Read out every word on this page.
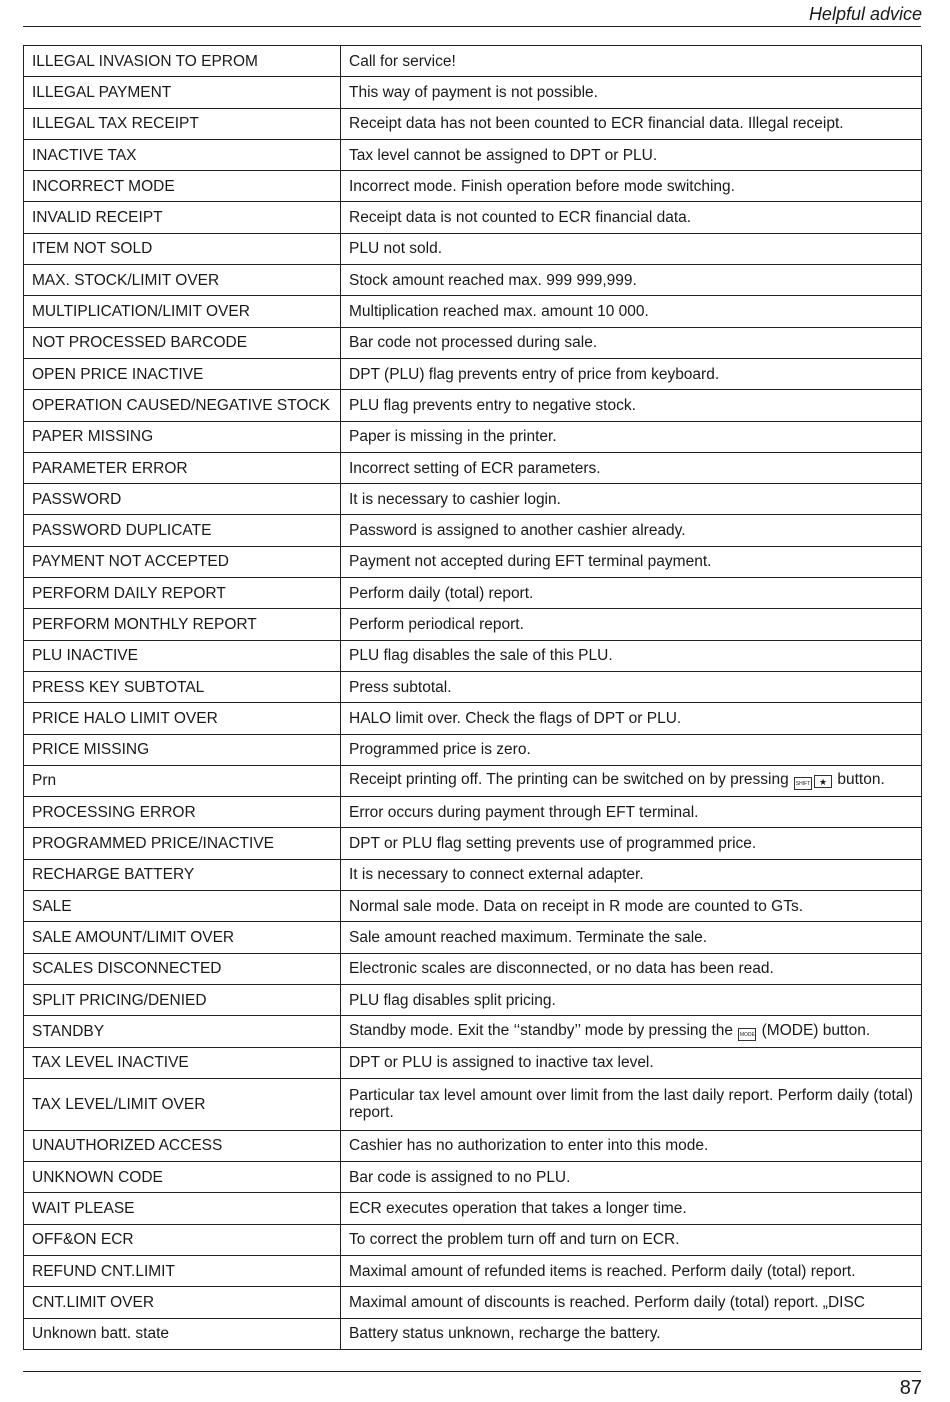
Helpful advice
ILLEGAL INVASION TO EPROM	Call for service!
ILLEGAL PAYMENT	This way of payment is not possible.
ILLEGAL TAX RECEIPT	Receipt data has not been counted to ECR financial data. Illegal receipt.
INACTIVE TAX	Tax level cannot be assigned to DPT or PLU.
INCORRECT MODE	Incorrect mode. Finish operation before mode switching.
INVALID RECEIPT	Receipt data is not counted to ECR financial data.
ITEM NOT SOLD	PLU not sold.
MAX. STOCK/LIMIT OVER	Stock amount reached max. 999 999,999.
MULTIPLICATION/LIMIT OVER	Multiplication reached max. amount 10 000.
NOT PROCESSED BARCODE	Bar code not processed during sale.
OPEN PRICE INACTIVE	DPT (PLU) flag prevents entry of price from keyboard.
OPERATION CAUSED/NEGATIVE STOCK	PLU flag prevents entry to negative stock.
PAPER MISSING	Paper is missing in the printer.
PARAMETER ERROR	Incorrect setting of ECR parameters.
PASSWORD	It is necessary to cashier login.
PASSWORD DUPLICATE	Password is assigned to another cashier already.
PAYMENT NOT ACCEPTED	Payment not accepted during EFT terminal payment.
PERFORM DAILY REPORT	Perform daily (total) report.
PERFORM MONTHLY REPORT	Perform periodical report.
PLU INACTIVE	PLU flag disables the sale of this PLU.
PRESS KEY SUBTOTAL	Press subtotal.
PRICE HALO LIMIT OVER	HALO limit over. Check the flags of DPT or PLU.
PRICE MISSING	Programmed price is zero.
Prn	Receipt printing off. The printing can be switched on by pressing SHIFT ★ button.
PROCESSING ERROR	Error occurs during payment through EFT terminal.
PROGRAMMED PRICE/INACTIVE	DPT or PLU flag setting prevents use of programmed price.
RECHARGE BATTERY	It is necessary to connect external adapter.
SALE	Normal sale mode. Data on receipt in R mode are counted to GTs.
SALE AMOUNT/LIMIT OVER	Sale amount reached maximum. Terminate the sale.
SCALES DISCONNECTED	Electronic scales are disconnected, or no data has been read.
SPLIT PRICING/DENIED	PLU flag disables split pricing.
STANDBY	Standby mode. Exit the ‘‘standby’’ mode by pressing the MODE (MODE) button.
TAX LEVEL INACTIVE	DPT or PLU is assigned to inactive tax level.
TAX LEVEL/LIMIT OVER	Particular tax level amount over limit from the last daily report. Perform daily (total) report.
UNAUTHORIZED ACCESS	Cashier has no authorization to enter into this mode.
UNKNOWN CODE	Bar code is assigned to no PLU.
WAIT PLEASE	ECR executes operation that takes a longer time.
OFF&ON ECR	To correct the problem turn off and turn on ECR.
REFUND CNT.LIMIT	Maximal amount of refunded items is reached. Perform daily (total) report.
CNT.LIMIT OVER	Maximal amount of discounts is reached. Perform daily (total) report. „DISC
Unknown batt. state	Battery status unknown, recharge the battery.
87
